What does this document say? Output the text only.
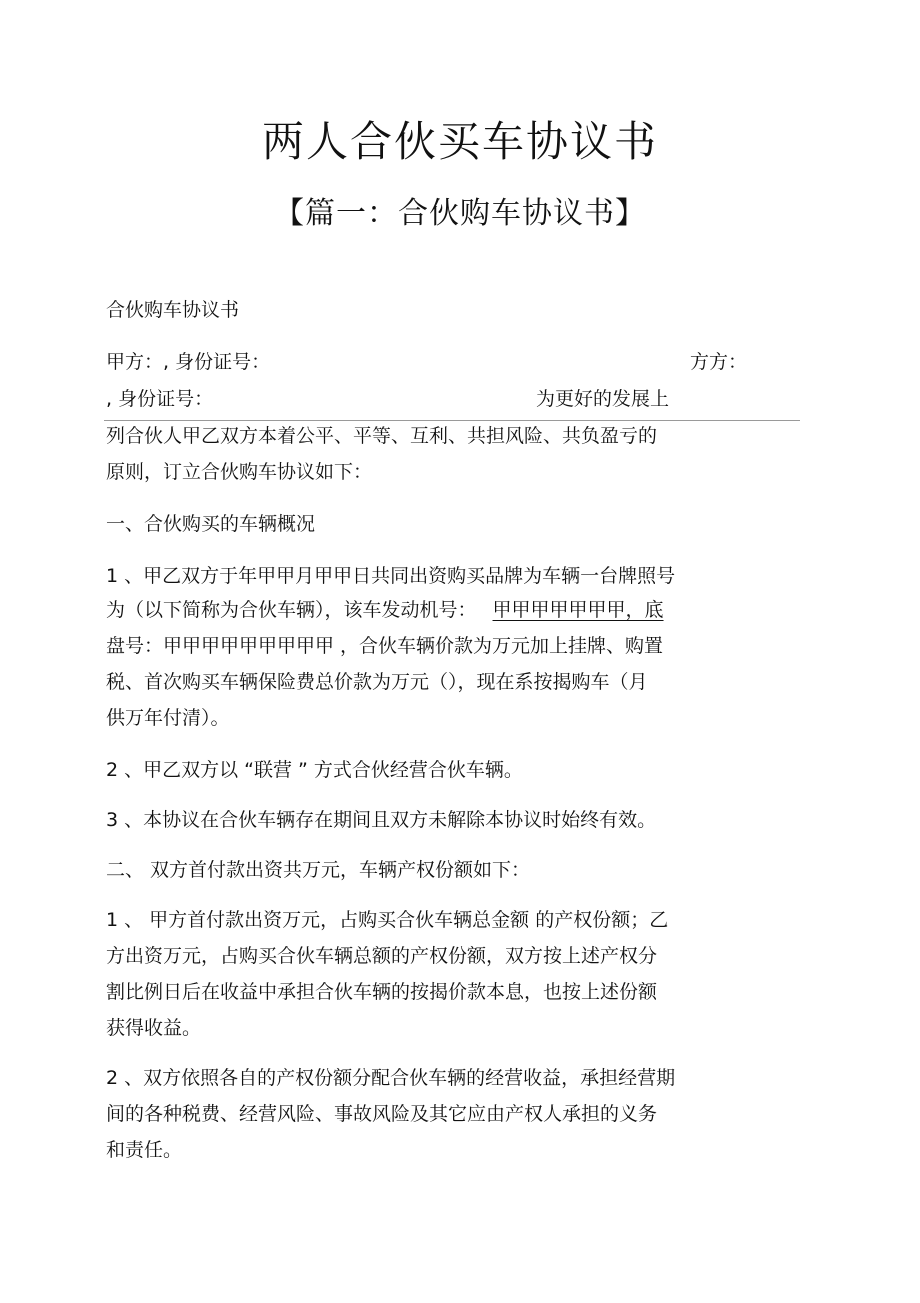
两人合伙买车协议书
【篇一：合伙购车协议书】
合伙购车协议书
甲方：, 身份证号：	方方：
, 身份证号：	为更好的发展上
列合伙人甲乙双方本着公平、平等、互利、共担风险、共负盈亏的
原则，订立合伙购车协议如下：
一、合伙购买的车辆概况
1 、甲乙双方于年甲甲月甲甲日共同出资购买品牌为车辆一台牌照号
为（以下简称为合伙车辆），该车发动机号： 甲甲甲甲甲甲甲，底
盘号：甲甲甲甲甲甲甲甲甲 ，合伙车辆价款为万元加上挂牌、购置
税、首次购买车辆保险费总价款为万元（），现在系按揭购车（月
供万年付清）。
2 、甲乙双方以 “联营 ” 方式合伙经营合伙车辆。
3 、本协议在合伙车辆存在期间且双方未解除本协议时始终有效。
二、 双方首付款出资共万元，车辆产权份额如下：
1 、 甲方首付款出资万元，占购买合伙车辆总金额 的产权份额；乙
方出资万元，占购买合伙车辆总额的产权份额，双方按上述产权分
割比例日后在收益中承担合伙车辆的按揭价款本息，也按上述份额
获得收益。
2 、双方依照各自的产权份额分配合伙车辆的经营收益，承担经营期
间的各种税费、经营风险、事故风险及其它应由产权人承担的义务
和责任。
